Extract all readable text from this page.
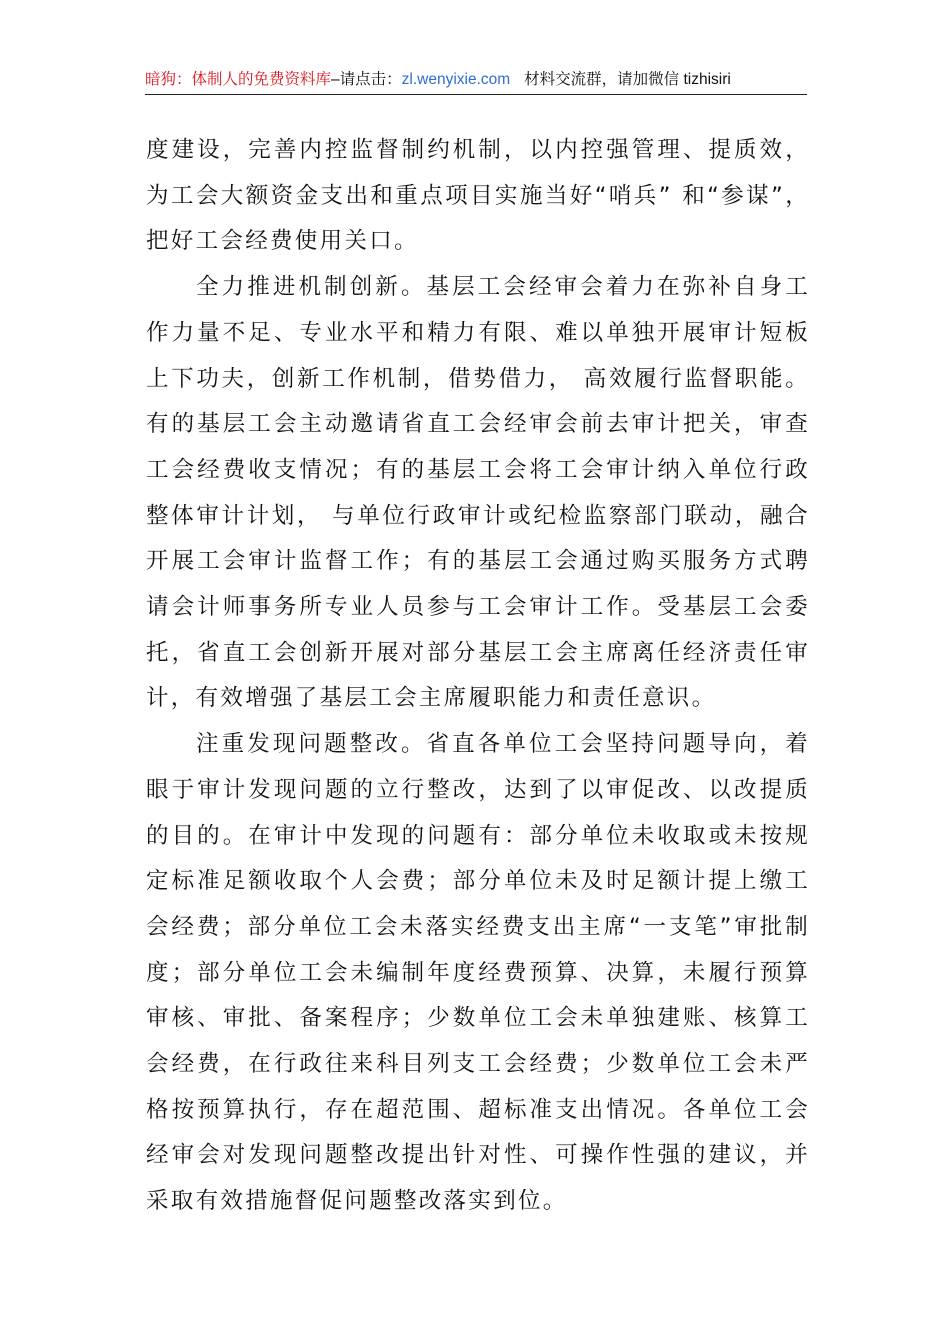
暗狗：体制人的免费资料库–请点击：zl.wenyixie.com 材料交流群，请加微信 tizhisiri

度建设，完善内控监督制约机制，以内控强管理、提质效，为工会大额资金支出和重点项目实施当好“哨兵” 和“参谋”，把好工会经费使用关口。

全力推进机制创新。基层工会经审会着力在弥补自身工作力量不足、专业水平和精力有限、难以单独开展审计短板上下功夫，创新工作机制，借势借力， 高效履行监督职能。有的基层工会主动邀请省直工会经审会前去审计把关，审查工会经费收支情况；有的基层工会将工会审计纳入单位行政整体审计计划， 与单位行政审计或纪检监察部门联动，融合开展工会审计监督工作；有的基层工会通过购买服务方式聘请会计师事务所专业人员参与工会审计工作。受基层工会委托，省直工会创新开展对部分基层工会主席离任经济责任审计，有效增强了基层工会主席履职能力和责任意识。

注重发现问题整改。省直各单位工会坚持问题导向，着眼于审计发现问题的立行整改，达到了以审促改、以改提质的目的。在审计中发现的问题有：部分单位未收取或未按规定标准足额收取个人会费；部分单位未及时足额计提上缴工会经费；部分单位工会未落实经费支出主席“一支笔”审批制度；部分单位工会未编制年度经费预算、决算，未履行预算审核、审批、备案程序；少数单位工会未单独建账、核算工会经费，在行政往来科目列支工会经费；少数单位工会未严格按预算执行，存在超范围、超标准支出情况。各单位工会经审会对发现问题整改提出针对性、可操作性强的建议，并采取有效措施督促问题整改落实到位。
